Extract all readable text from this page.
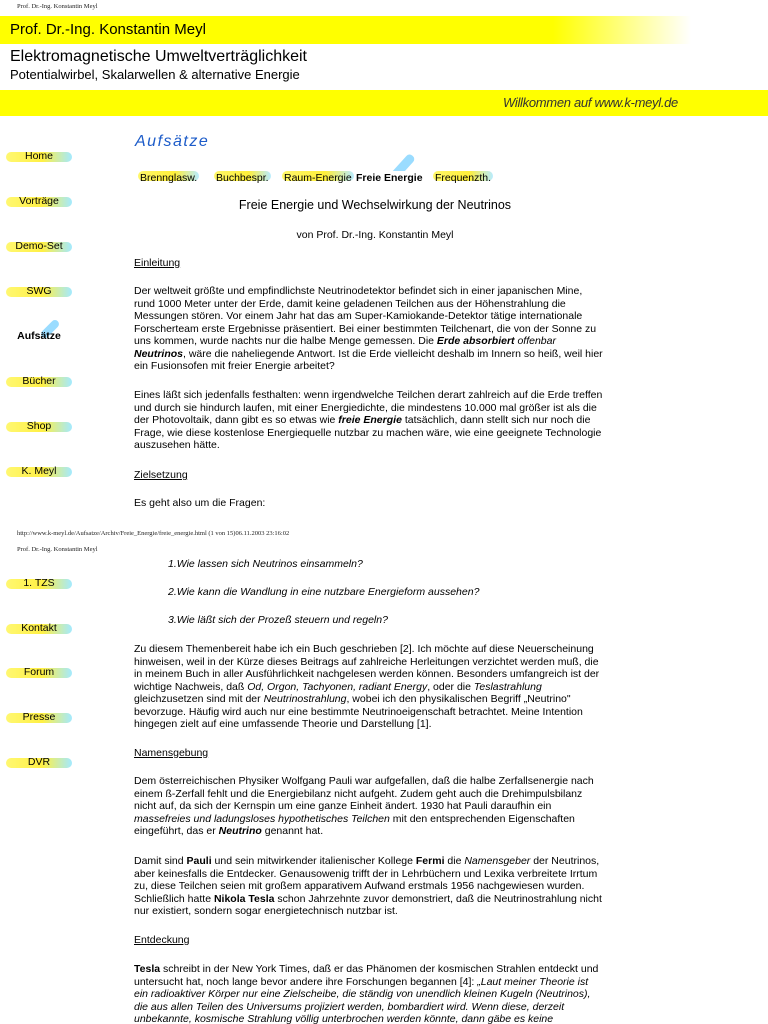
Prof. Dr.-Ing. Konstantin Meyl
Prof. Dr.-Ing. Konstantin Meyl
http://www.k-meyl.de/Aufsatze/Archiv/Freie_Energie/freie_energie.html (1 von 15)06.11.2003 23:16:02
Prof. Dr.-Ing. Konstantin Meyl
Elektromagnetische Umweltverträglichkeit
Potentialwirbel, Skalarwellen & alternative Energie
Willkommen auf www.k-meyl.de
Home
Vorträge
Demo-Set
SWG
Aufsätze
Bücher
Shop
K. Meyl
1. TZS
Kontakt
Forum
Presse
DVR
Aufsätze
Brennglasw. Buchbespr. Raum-Energie Freie Energie Frequenzth.
Freie Energie und Wechselwirkung der Neutrinos
von Prof. Dr.-Ing. Konstantin Meyl
Einleitung
Der weltweit größte und empfindlichste Neutrinodetektor befindet sich in einer japanischen Mine, rund 1000 Meter unter der Erde, damit keine geladenen Teilchen aus der Höhenstrahlung die Messungen stören. Vor einem Jahr hat das am Super-Kamiokande-Detektor tätige internationale Forscherteam erste Ergebnisse präsentiert. Bei einer bestimmten Teilchenart, die von der Sonne zu uns kommen, wurde nachts nur die halbe Menge gemessen. Die Erde absorbiert offenbar Neutrinos, wäre die naheliegende Antwort. Ist die Erde vielleicht deshalb im Innern so heiß, weil hier ein Fusionsofen mit freier Energie arbeitet?
Eines läßt sich jedenfalls festhalten: wenn irgendwelche Teilchen derart zahlreich auf die Erde treffen und durch sie hindurch laufen, mit einer Energiedichte, die mindestens 10.000 mal größer ist als die der Photovoltaik, dann gibt es so etwas wie freie Energie tatsächlich, dann stellt sich nur noch die Frage, wie diese kostenlose Energiequelle nutzbar zu machen wäre, wie eine geeignete Technologie auszusehen hätte.
Zielsetzung
Es geht also um die Fragen:
1.Wie lassen sich Neutrinos einsammeln?
2.Wie kann die Wandlung in eine nutzbare Energieform aussehen?
3.Wie läßt sich der Prozeß steuern und regeln?
Zu diesem Themenbereit habe ich ein Buch geschrieben [2]. Ich möchte auf diese Neuerscheinung hinweisen, weil in der Kürze dieses Beitrags auf zahlreiche Herleitungen verzichtet werden muß, die in meinem Buch in aller Ausführlichkeit nachgelesen werden können. Besonders umfangreich ist der wichtige Nachweis, daß Od, Orgon, Tachyonen, radiant Energy, oder die Teslastrahlung gleichzusetzen sind mit der Neutrinostrahlung, wobei ich den physikalischen Begriff „Neutrino" bevorzuge. Häufig wird auch nur eine bestimmte Neutrinoeigenschaft betrachtet. Meine Intention hingegen zielt auf eine umfassende Theorie und Darstellung [1].
Namensgebung
Dem österreichischen Physiker Wolfgang Pauli war aufgefallen, daß die halbe Zerfallsenergie nach einem ß-Zerfall fehlt und die Energiebilanz nicht aufgeht. Zudem geht auch die Drehimpulsbilanz nicht auf, da sich der Kernspin um eine ganze Einheit ändert. 1930 hat Pauli daraufhin ein massefreies und ladungsloses hypothetisches Teilchen mit den entsprechenden Eigenschaften eingeführt, das er Neutrino genannt hat.
Damit sind Pauli und sein mitwirkender italienischer Kollege Fermi die Namensgeber der Neutrinos, aber keinesfalls die Entdecker. Genausowenig trifft der in Lehrbüchern und Lexika verbreitete Irrtum zu, diese Teilchen seien mit großem apparativem Aufwand erstmals 1956 nachgewiesen wurden. Schließlich hatte Nikola Tesla schon Jahrzehnte zuvor demonstriert, daß die Neutrinostrahlung nicht nur existiert, sondern sogar energietechnisch nutzbar ist.
Entdeckung
Tesla schreibt in der New York Times, daß er das Phänomen der kosmischen Strahlen entdeckt und untersucht hat, noch lange bevor andere ihre Forschungen begannen [4]: „Laut meiner Theorie ist ein radioaktiver Körper nur eine Zielscheibe, die ständig von unendlich kleinen Kugeln (Neutrinos), die aus allen Teilen des Universums projiziert werden, bombardiert wird. Wenn diese, derzeit unbekannte, kosmische Strahlung völlig unterbrochen werden könnte, dann gäbe es keine
